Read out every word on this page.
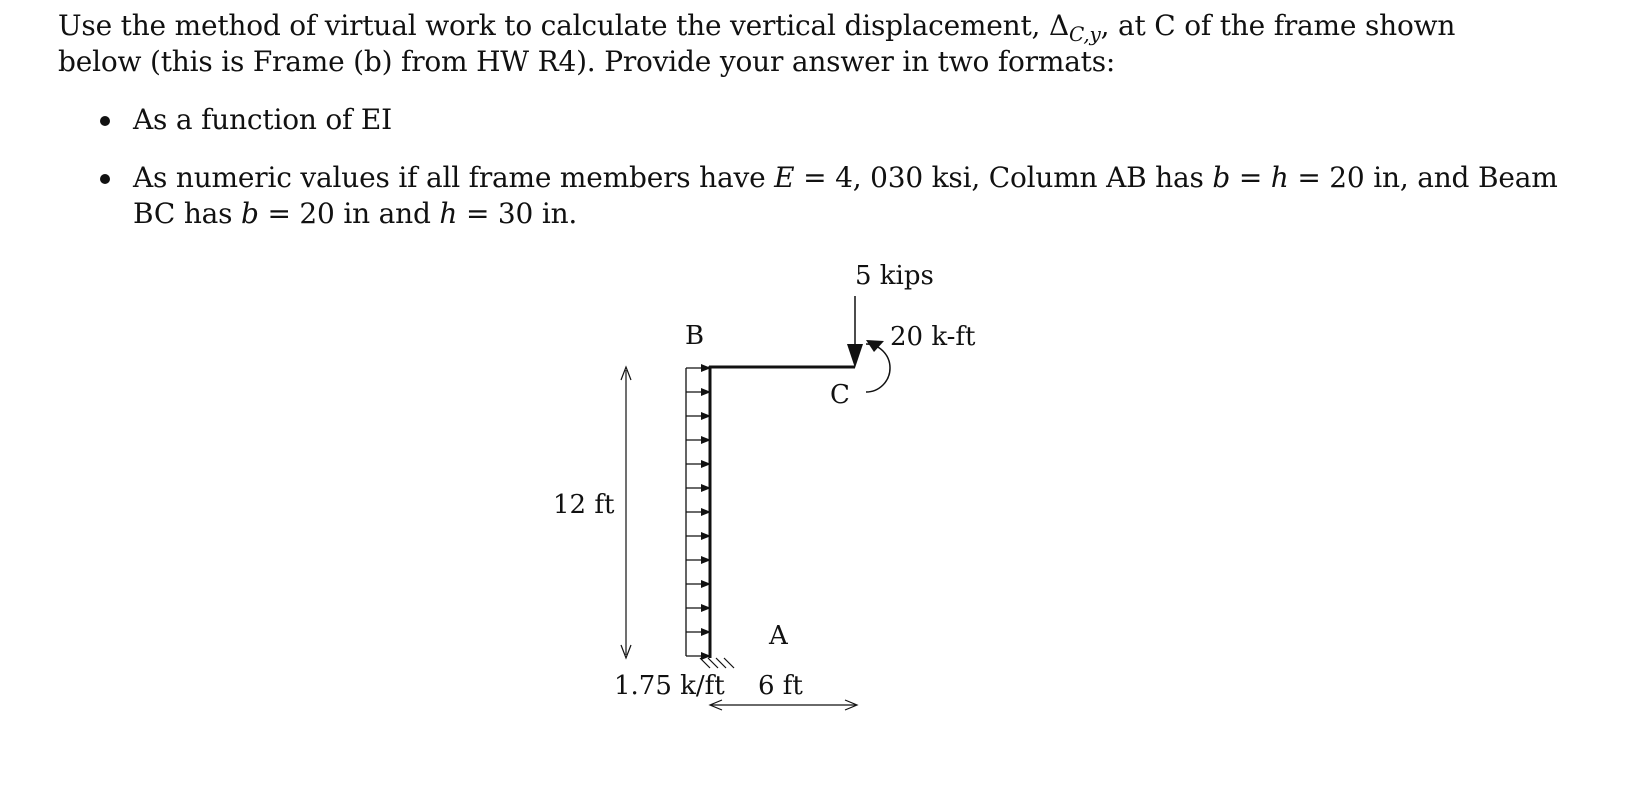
Use the method of virtual work to calculate the vertical displacement, $\Delta_{C,y}$, at C of the frame shown below (this is Frame (b) from HW R4). Provide your answer in two formats:
As a function of EI
As numeric values if all frame members have E = 4, 030 ksi, Column AB has b = h = 20 in, and Beam
BC has b = 20 in and h = 30 in.
5 kips
20 k-ft
B
C
A
12 ft
1.75 k/ft 6 ft
